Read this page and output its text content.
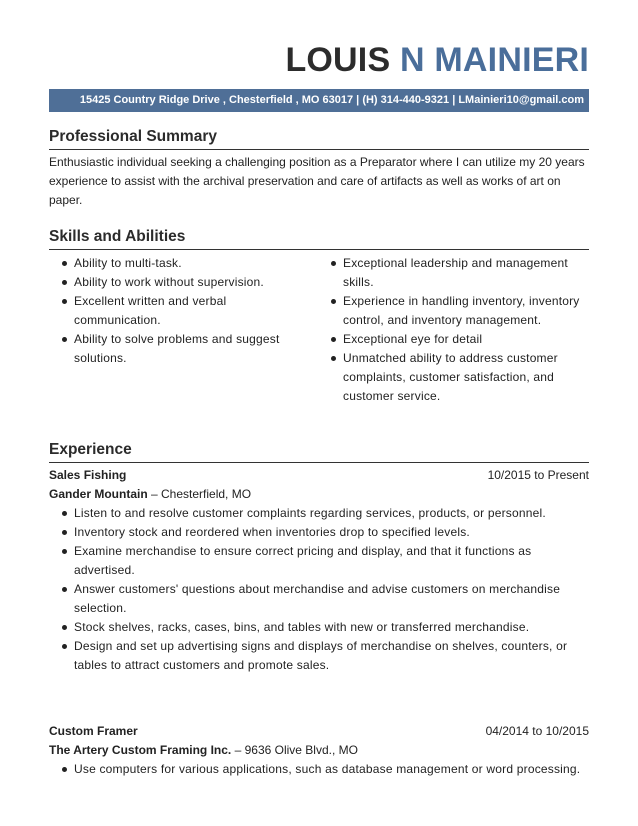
LOUIS N MAINIERI
15425 Country Ridge Drive , Chesterfield , MO 63017 | (H) 314-440-9321 | LMainieri10@gmail.com
Professional Summary
Enthusiastic individual seeking a challenging position as a Preparator where I can utilize my 20 years experience to assist with the archival preservation and care of artifacts as well as works of art on paper.
Skills and Abilities
Ability to multi-task.
Ability to work without supervision.
Excellent written and verbal communication.
Ability to solve problems and suggest solutions.
Exceptional leadership and management skills.
Experience in handling inventory, inventory control, and inventory management.
Exceptional eye for detail
Unmatched ability to address customer complaints, customer satisfaction, and customer service.
Experience
Sales Fishing	10/2015 to Present
Gander Mountain – Chesterfield, MO
Listen to and resolve customer complaints regarding services, products, or personnel.
Inventory stock and reordered when inventories drop to specified levels.
Examine merchandise to ensure correct pricing and display, and that it functions as advertised.
Answer customers' questions about merchandise and advise customers on merchandise selection.
Stock shelves, racks, cases, bins, and tables with new or transferred merchandise.
Design and set up advertising signs and displays of merchandise on shelves, counters, or tables to attract customers and promote sales.
Custom Framer	04/2014 to 10/2015
The Artery Custom Framing Inc. – 9636 Olive Blvd., MO
Use computers for various applications, such as database management or word processing.
